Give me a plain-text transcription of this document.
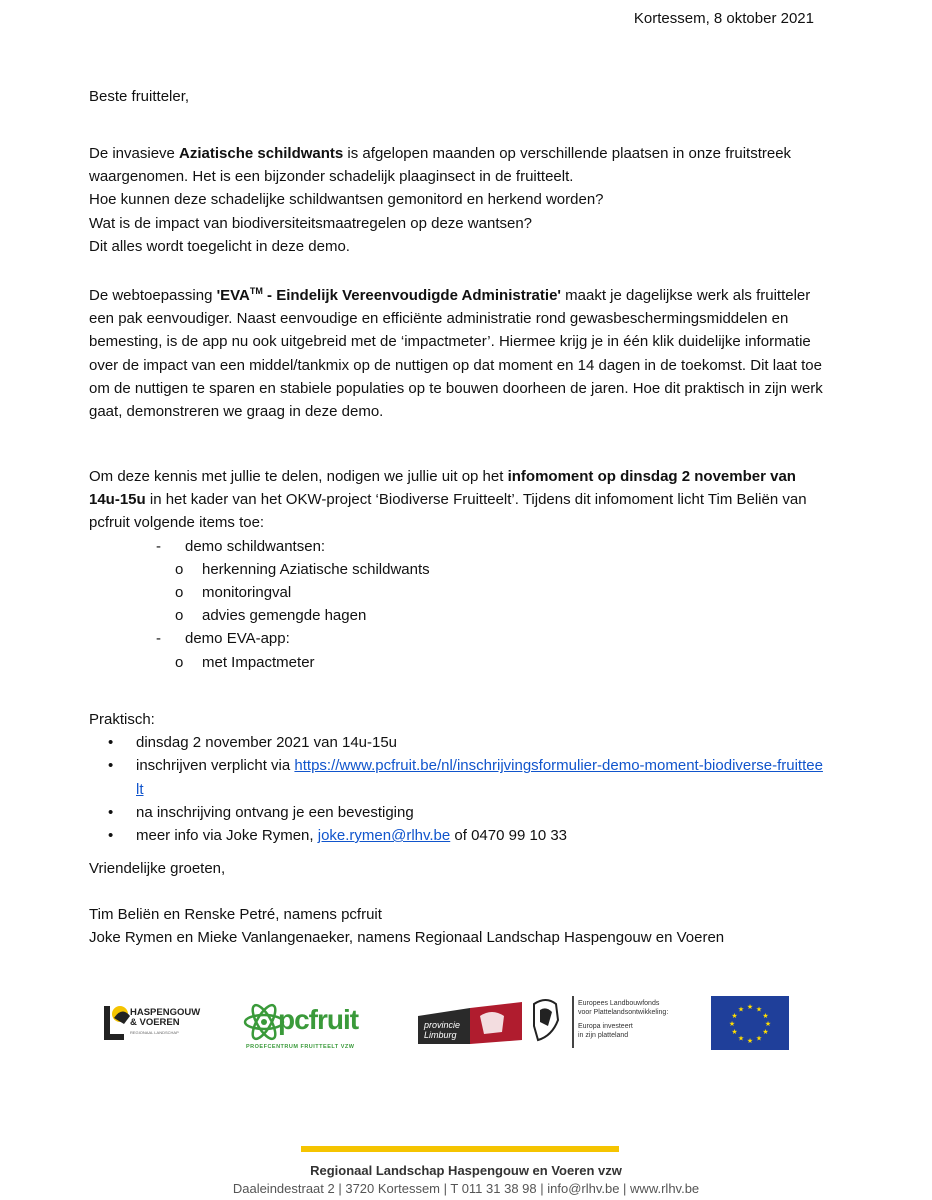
Kortessem, 8 oktober 2021
Beste fruitteler,

De invasieve Aziatische schildwants is afgelopen maanden op verschillende plaatsen in onze fruitstreek waargenomen. Het is een bijzonder schadelijk plaaginsect in de fruitteelt.

Hoe kunnen deze schadelijke schildwantsen gemonitord en herkend worden?

Wat is de impact van biodiversiteitsmaatregelen op deze wantsen?

Dit alles wordt toegelicht in deze demo.

De webtoepassing 'EVA™ - Eindelijk Vereenvoudigde Administratie' maakt je dagelijkse werk als fruitteler een pak eenvoudiger. Naast eenvoudige en efficiënte administratie rond gewasbeschermingsmiddelen en bemesting, is de app nu ook uitgebreid met de ‘impactmeter’. Hiermee krijg je in één klik duidelijke informatie over de impact van een middel/tankmix op de nuttigen op dat moment en 14 dagen in de toekomst. Dit laat toe om de nuttigen te sparen en stabiele populaties op te bouwen doorheen de jaren. Hoe dit praktisch in zijn werk gaat, demonstreren we graag in deze demo.

Om deze kennis met jullie te delen, nodigen we jullie uit op het infomoment op dinsdag 2 november van 14u-15u in het kader van het OKW-project ‘Biodiverse Fruitteelt’. Tijdens dit infomoment licht Tim Beliën van pcfruit volgende items toe:

- demo schildwantsen:
o herkenning Aziatische schildwants
o monitoringval
o advies gemengde hagen
- demo EVA-app:
o met Impactmeter

Praktisch:

• dinsdag 2 november 2021 van 14u-15u
• inschrijven verplicht via https://www.pcfruit.be/nl/inschrijvingsformulier-demo-moment-biodiverse-fruitteelt
• na inschrijving ontvang je een bevestiging
• meer info via Joke Rymen, joke.rymen@rlhv.be of 0470 99 10 33
Vriendelijke groeten,

Tim Beliën en Renske Petré, namens pcfruit

Joke Rymen en Mieke Vanlangenaeker, namens Regionaal Landschap Haspengouw en Voeren

HASPENGOUW
& VOEREN
REGIONAAL LANDSCHAP	pcfruit
PROEFCENTRUM FRUITTEELT VZW
provincie
Limburg
Europees Landbouwfonds
voor Plattelandsontwikkeling:
Europa investeert
in zijn platteland
★ ★
★
★
★
★
★
★
★
★
★
★
Regionaal Landschap Haspengouw en Voeren vzw
Daaleindestraat 2 | 3720 Kortessem | T 011 31 38 98 | info@rlhv.be | www.rlhv.be
